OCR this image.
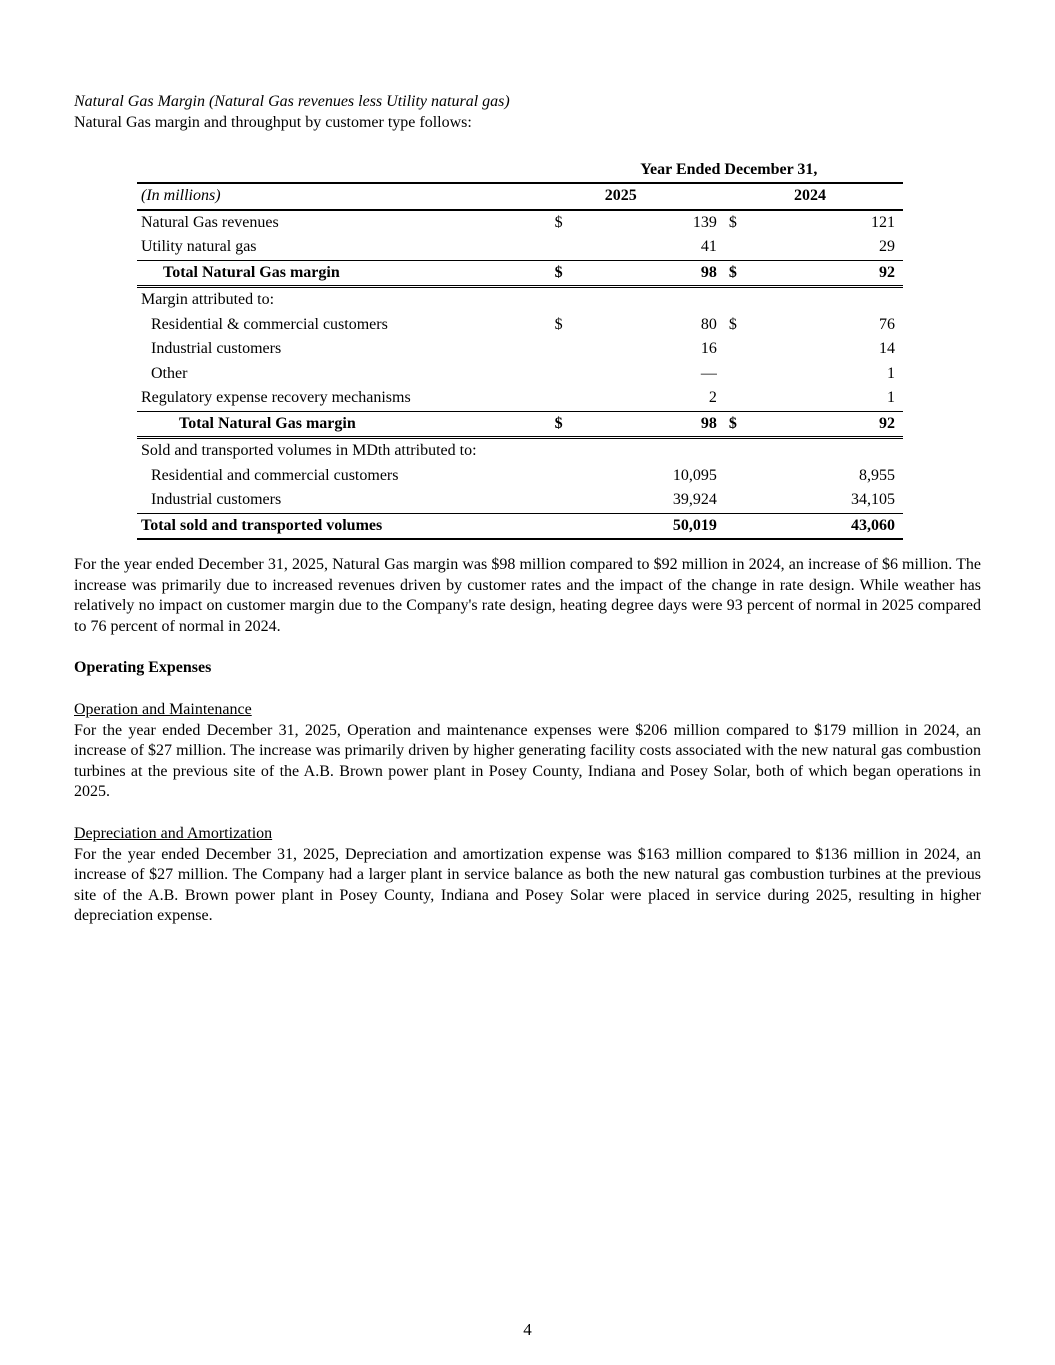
Natural Gas Margin (Natural Gas revenues less Utility natural gas)

Natural Gas margin and throughput by customer type follows:

	Year Ended December 31,			
(In millions)	2025		2024	
Natural Gas revenues	$	139	$	121
Utility natural gas		41		29
Total Natural Gas margin	$	98	$	92
Margin attributed to:				
Residential & commercial customers	$	80	$	76
Industrial customers		16		14
Other		—		1
Regulatory expense recovery mechanisms		2		1
Total Natural Gas margin	$	98	$	92
Sold and transported volumes in MDth attributed to:				
Residential and commercial customers		10,095		8,955
Industrial customers		39,924		34,105
Total sold and transported volumes		50,019		43,060

For the year ended December 31, 2025, Natural Gas margin was $98 million compared to $92 million in 2024, an increase of $6 million. The increase was primarily due to increased revenues driven by customer rates and the impact of the change in rate design. While weather has relatively no impact on customer margin due to the Company's rate design, heating degree days were 93 percent of normal in 2025 compared to 76 percent of normal in 2024.

Operating Expenses

Operation and Maintenance

For the year ended December 31, 2025, Operation and maintenance expenses were $206 million compared to $179 million in 2024, an increase of $27 million. The increase was primarily driven by higher generating facility costs associated with the new natural gas combustion turbines at the previous site of the A.B. Brown power plant in Posey County, Indiana and Posey Solar, both of which began operations in 2025.

Depreciation and Amortization

For the year ended December 31, 2025, Depreciation and amortization expense was $163 million compared to $136 million in 2024, an increase of $27 million. The Company had a larger plant in service balance as both the new natural gas combustion turbines at the previous site of the A.B. Brown power plant in Posey County, Indiana and Posey Solar were placed in service during 2025, resulting in higher depreciation expense.

4
